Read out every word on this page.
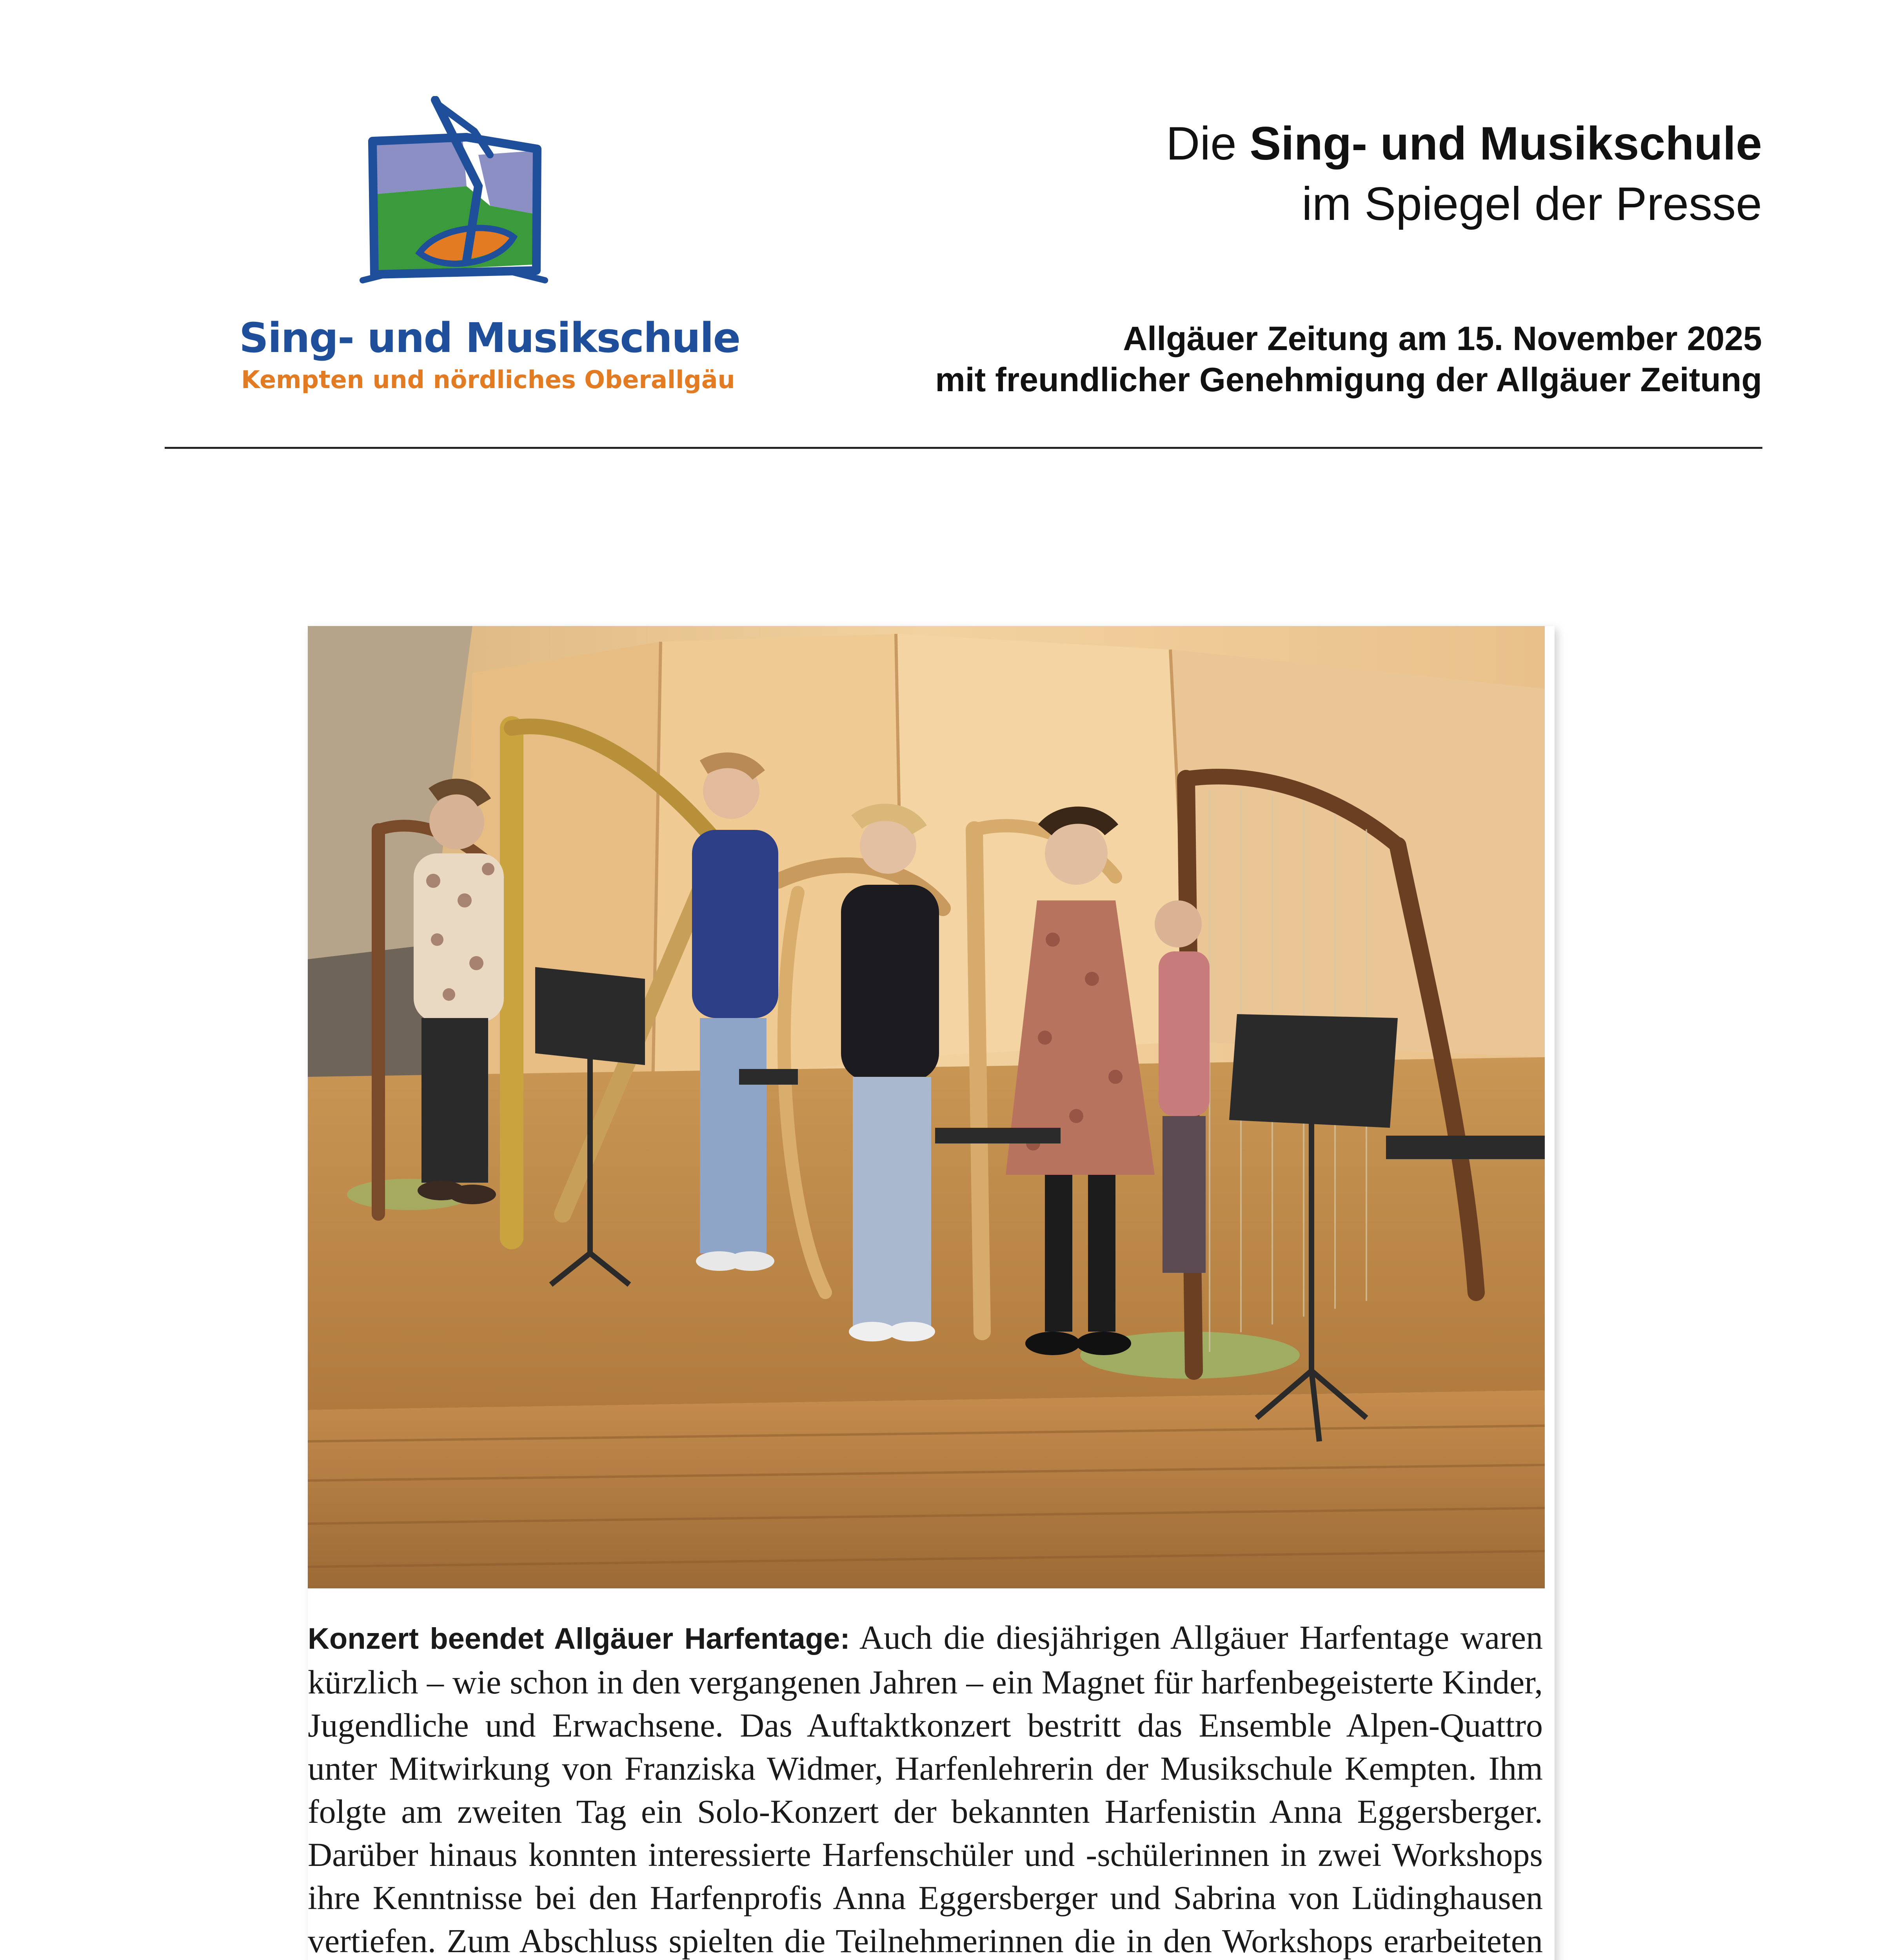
Sing- und Musikschule
Kempten und nördliches Oberallgäu
Die Sing- und Musikschule
im Spiegel der Presse
Allgäuer Zeitung am 15. November 2025
mit freundlicher Genehmigung der Allgäuer Zeitung
Konzert beendet Allgäuer Harfentage: Auch die diesjährigen Allgäuer Harfentage waren kürzlich – wie schon in den vergangenen Jahren – ein Magnet für harfenbegeisterte Kinder, Jugendliche und Erwachsene. Das Auftaktkonzert bestritt das Ensemble Alpen-Quattro unter Mitwirkung von Franziska Widmer, Harfenlehrerin der Musikschule Kempten. Ihm folgte am zweiten Tag ein Solo-Konzert der bekannten Harfenistin Anna Eggersberger. Darüber hinaus konnten interessierte Harfenschüler und -schülerinnen in zwei Workshops ihre Kenntnisse bei den Harfenprofis Anna Eggersberger und Sabrina von Lüdinghausen vertiefen. Zum Abschluss spielten die Teilnehmerinnen die in den Workshops erarbeiteten
